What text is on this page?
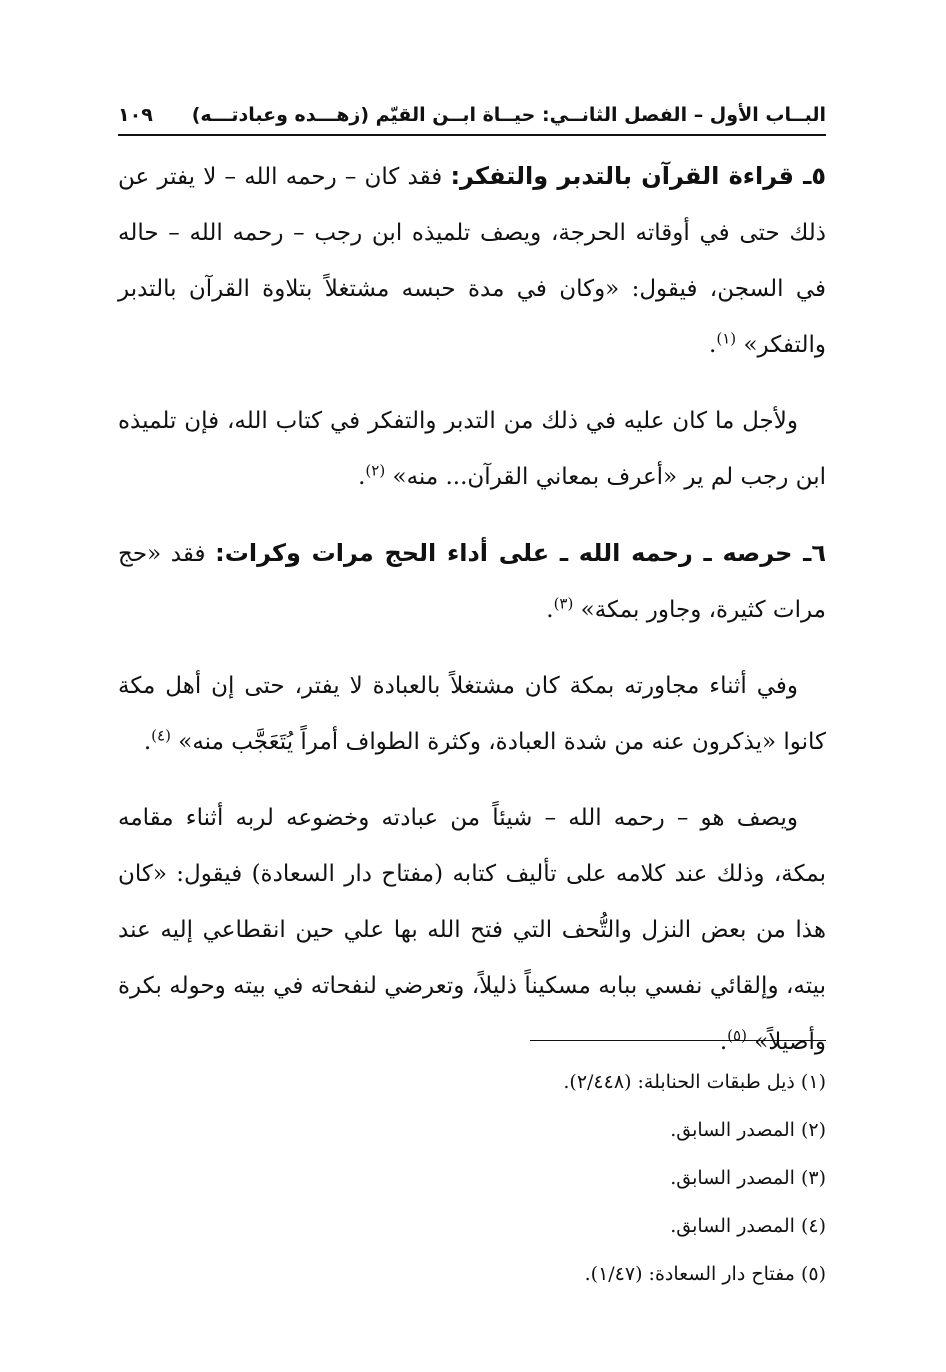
البــاب الأول – الفصل الثانــي: حيــاة ابــن القيّم (زهـــده وعبادتـــه)
١٠٩

٥ـ قراءة القرآن بالتدبر والتفكر: فقد كان – رحمه الله – لا يفتر عن ذلك حتى في أوقاته الحرجة، ويصف تلميذه ابن رجب – رحمه الله – حاله في السجن، فيقول: «وكان في مدة حبسه مشتغلاً بتلاوة القرآن بالتدبر والتفكر» $^{(١)}$.

ولأجل ما كان عليه في ذلك من التدبر والتفكر في كتاب الله، فإن تلميذه ابن رجب لم ير «أعرف بمعاني القرآن... منه» $^{(٢)}$.

٦ـ حرصه ـ رحمه الله ـ على أداء الحج مرات وكرات: فقد «حج مرات كثيرة، وجاور بمكة» $^{(٣)}$.

وفي أثناء مجاورته بمكة كان مشتغلاً بالعبادة لا يفتر، حتى إن أهل مكة كانوا «يذكرون عنه من شدة العبادة، وكثرة الطواف أمراً يُتَعَجَّب منه» $^{(٤)}$.

ويصف هو – رحمه الله – شيئاً من عبادته وخضوعه لربه أثناء مقامه بمكة، وذلك عند كلامه على تأليف كتابه (مفتاح دار السعادة) فيقول: «كان هذا من بعض النزل والتُّحف التي فتح الله بها علي حين انقطاعي إليه عند بيته، وإلقائي نفسي ببابه مسكيناً ذليلاً، وتعرضي لنفحاته في بيته وحوله بكرة وأصيلاً» $^{(٥)}$.

(١) ذيل طبقات الحنابلة: (٢/٤٤٨).

(٢) المصدر السابق.

(٣) المصدر السابق.

(٤) المصدر السابق.

(٥) مفتاح دار السعادة: (١/٤٧).
